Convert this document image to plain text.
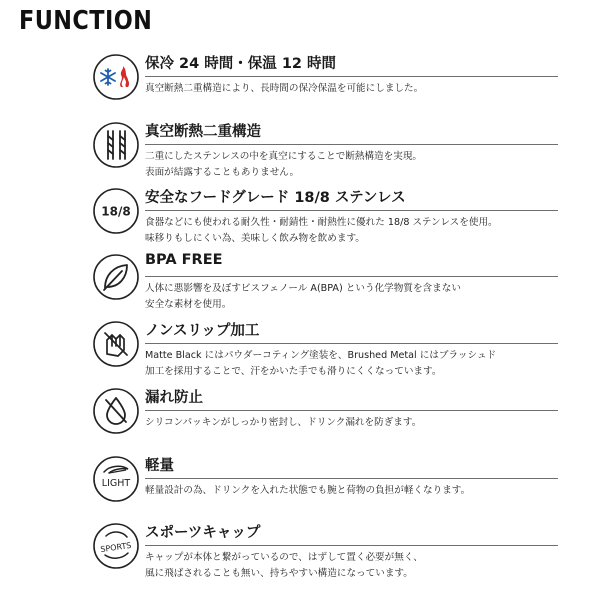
FUNCTION
保冷 24 時間・保温 12 時間
真空断熱二重構造により、長時間の保冷保温を可能にしました。
真空断熱二重構造
二重にしたステンレスの中を真空にすることで断熱構造を実現。
表面が結露することもありません。
18/8
安全なフードグレード 18/8 ステンレス
食器などにも使われる耐久性・耐錆性・耐熱性に優れた 18/8 ステンレスを使用。
味移りもしにくい為、美味しく飲み物を飲めます。
BPA FREE
人体に悪影響を及ぼすビスフェノール A(BPA) という化学物質を含まない
安全な素材を使用。
ノンスリップ加工
Matte Black にはパウダーコティング塗装を、Brushed Metal にはブラッシュド
加工を採用することで、汗をかいた手でも滑りにくくなっています。
漏れ防止
シリコンパッキンがしっかり密封し、ドリンク漏れを防ぎます。
LIGHT
軽量
軽量設計の為、ドリンクを入れた状態でも腕と荷物の負担が軽くなります。
SPORTS
スポーツキャップ
キャップが本体と繋がっているので、はずして置く必要が無く、
風に飛ばされることも無い、持ちやすい構造になっています。
